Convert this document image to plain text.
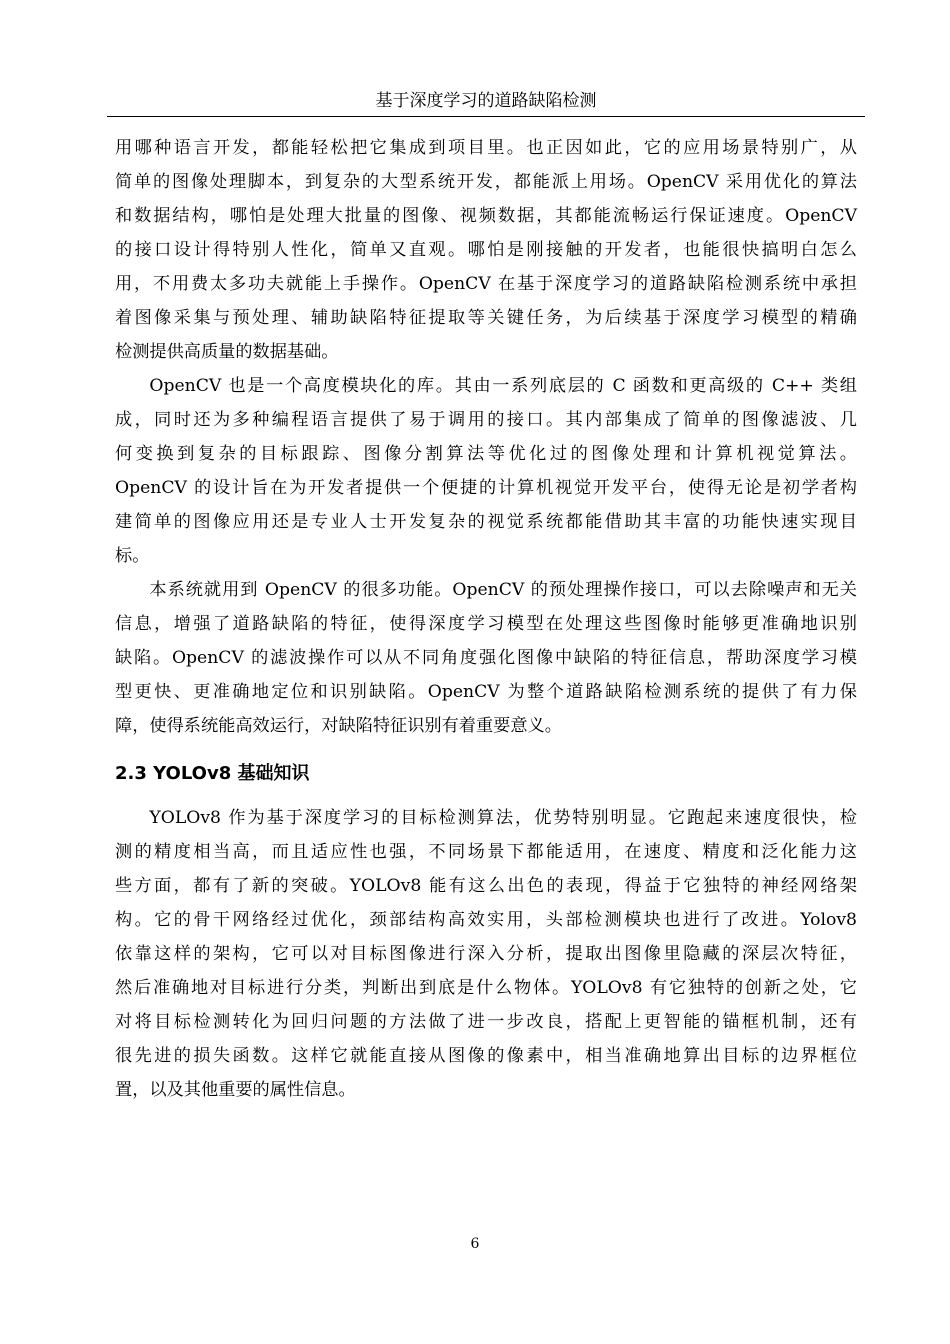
基于深度学习的道路缺陷检测

用哪种语言开发，都能轻松把它集成到项目里。也正因如此，它的应用场景特别广，从
简单的图像处理脚本，到复杂的大型系统开发，都能派上用场。OpenCV 采用优化的算法
和数据结构，哪怕是处理大批量的图像、视频数据，其都能流畅运行保证速度。OpenCV
的接口设计得特别人性化，简单又直观。哪怕是刚接触的开发者，也能很快搞明白怎么
用，不用费太多功夫就能上手操作。OpenCV 在基于深度学习的道路缺陷检测系统中承担
着图像采集与预处理、辅助缺陷特征提取等关键任务，为后续基于深度学习模型的精确
检测提供高质量的数据基础。

OpenCV 也是一个高度模块化的库。其由一系列底层的 C 函数和更高级的 C++ 类组
成，同时还为多种编程语言提供了易于调用的接口。其内部集成了简单的图像滤波、几
何变换到复杂的目标跟踪、图像分割算法等优化过的图像处理和计算机视觉算法。
OpenCV 的设计旨在为开发者提供一个便捷的计算机视觉开发平台，使得无论是初学者构
建简单的图像应用还是专业人士开发复杂的视觉系统都能借助其丰富的功能快速实现目
标。

本系统就用到 OpenCV 的很多功能。OpenCV 的预处理操作接口，可以去除噪声和无关
信息，增强了道路缺陷的特征，使得深度学习模型在处理这些图像时能够更准确地识别
缺陷。OpenCV 的滤波操作可以从不同角度强化图像中缺陷的特征信息，帮助深度学习模
型更快、更准确地定位和识别缺陷。OpenCV 为整个道路缺陷检测系统的提供了有力保
障，使得系统能高效运行，对缺陷特征识别有着重要意义。

2.3 YOLOv8 基础知识

YOLOv8 作为基于深度学习的目标检测算法，优势特别明显。它跑起来速度很快，检
测的精度相当高，而且适应性也强，不同场景下都能适用，在速度、精度和泛化能力这
些方面，都有了新的突破。YOLOv8 能有这么出色的表现，得益于它独特的神经网络架
构。它的骨干网络经过优化，颈部结构高效实用，头部检测模块也进行了改进。Yolov8
依靠这样的架构，它可以对目标图像进行深入分析，提取出图像里隐藏的深层次特征，
然后准确地对目标进行分类，判断出到底是什么物体。YOLOv8 有它独特的创新之处，它
对将目标检测转化为回归问题的方法做了进一步改良，搭配上更智能的锚框机制，还有
很先进的损失函数。这样它就能直接从图像的像素中，相当准确地算出目标的边界框位
置，以及其他重要的属性信息。

6
